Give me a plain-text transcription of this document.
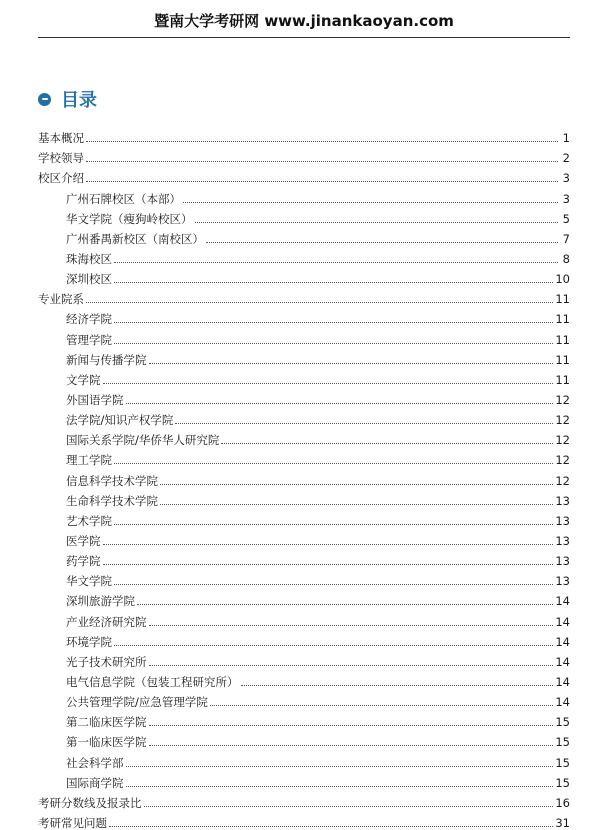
暨南大学考研网 www.jinankaoyan.com
目录
基本概况	1
学校领导	2
校区介绍	3
广州石牌校区（本部）	3
华文学院（瘦狗岭校区）	5
广州番禺新校区（南校区）	7
珠海校区	8
深圳校区	10
专业院系	11
经济学院	11
管理学院	11
新闻与传播学院	11
文学院	11
外国语学院	12
法学院/知识产权学院	12
国际关系学院/华侨华人研究院	12
理工学院	12
信息科学技术学院	12
生命科学技术学院	13
艺术学院	13
医学院	13
药学院	13
华文学院	13
深圳旅游学院	14
产业经济研究院	14
环境学院	14
光子技术研究所	14
电气信息学院（包装工程研究所）	14
公共管理学院/应急管理学院	14
第二临床医学院	15
第一临床医学院	15
社会科学部	15
国际商学院	15
考研分数线及报录比	16
考研常见问题	31
